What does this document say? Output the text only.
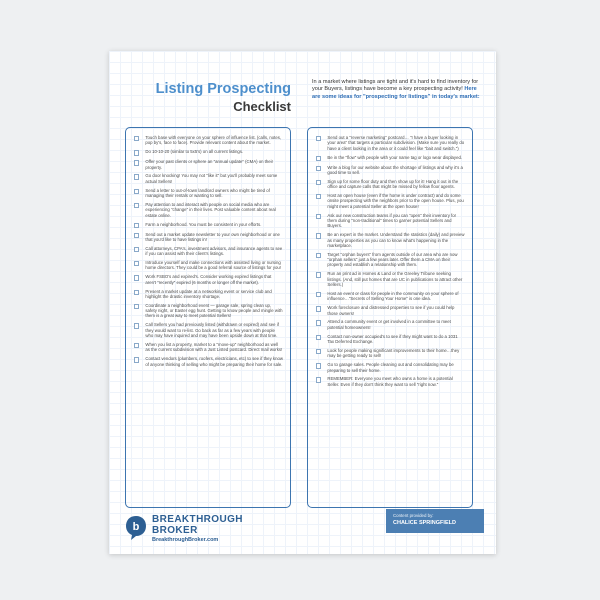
Listing Prospecting
Checklist
In a market where listings are tight and it's hard to find inventory for your Buyers, listings have become a key prospecting activity! Here are some ideas for "prospecting for listings" in today's market:
Touch base with everyone on your sphere of influence list. (calls, notes, pop by's, face to face). Provide relevant content about the market.
Do 10-10-20 (similar to 5x5's) on all current listings.
Offer your past clients or sphere an "annual update" (CMA) on their property.
Go door knocking! You may not "like it" but you'll probably meet some actual Sellers!
Send a letter to out-of-town landlord owners who might be tired of managing their rentals or wanting to sell.
Pay attention to and interact with people on social media who are experiencing "change" in their lives. Post valuable content about real estate online.
Farm a neighborhood. You must be consistent in your efforts.
Send out a market update newsletter to your own neighborhood or one that you'd like to have listings in!
Call attorneys, CPA's, investment advisors, and insurance agents to see if you can assist with their client's listings.
Introduce yourself and make connections with assisted living or nursing home directors. They could be a good referral source of listings for you!
Work FSBO's and expired's. Consider working expired listings that aren't "recently" expired (6 months or longer off the market).
Present a market update at a networking event or service club and highlight the drastic inventory shortage.
Coordinate a neighborhood event — garage sale, spring clean up, safety night, or Easter egg hunt. Getting to know people and mingle with them is a great way to meet potential Sellers!
Call Sellers you had previously listed (withdrawn or expired) and see if they would want to re-list. Go back as far as a few years with people who may have inquired and may have been upside down at that time.
When you list a property, market to a "move-up" neighborhood as well as the current subdivision with a Just Listed postcard. Direct mail works!
Contact vendors (plumbers, roofers, electricians, etc) to see if they know of anyone thinking of selling who might be preparing their home for sale.
Send out a "reverse marketing" postcard… "I have a buyer looking in your area" that targets a particular subdivision. (Make sure you really do have a client looking in the area or it could feel like "bait and switch.")
Be in the "flow" with people with your name tag or logo wear displayed.
Write a blog for our website about the shortage of listings and why it's a good time to sell.
Sign up for some floor duty and then show up for it! Hang it out in the office and capture calls that might be missed by fellow floor agents.
Host an open house (even if the home is under contract) and do some onsite prospecting with the neighbors prior to the open house. Plus, you might meet a potential Seller at the open house!
Ask our new construction teams if you can "open" their inventory for them during "non-traditional" times to garner potential Sellers and Buyers.
Be an expert in the market. Understand the statistics (daily) and preview as many properties as you can to know what's happening in the marketplace.
Target "orphan buyers" from agents outside of our area who are now "orphan sellers" just a few years later. Offer them a CMA on their property and establish a relationship with them.
Run an print ad in Homes & Land or the Greeley Tribune seeking listings. (And, still put homes that are UC in publications to attract other Sellers.)
Host an event or class for people in the community on your sphere of influence…"Secrets of Selling Your Home" is one idea.
Work foreclosure and distressed properties to see if you could help those owners!
Attend a community event or get involved in a committee to meet potential homeowners!
Contact non-owner occupied's to see if they might want to do a 1031 Tax Deferred Exchange.
Look for people making significant improvements to their home…they may be getting ready to sell!
Go to garage sales. People cleaning out and consolidating may be preparing to sell their home.
REMEMBER: Everyone you meet who owns a home is a potential Seller. Even if they don't think they want to sell "right now."
b
BREAKTHROUGH
BROKER
BreakthroughBroker.com
Content provided by:
CHALICE SPRINGFIELD
